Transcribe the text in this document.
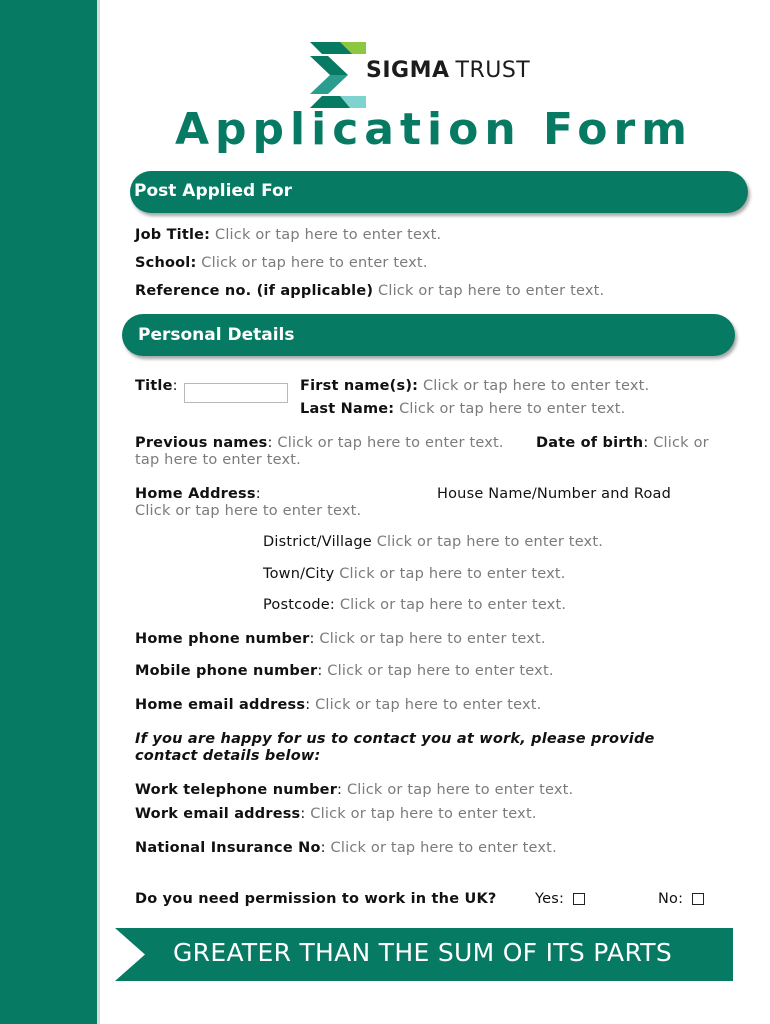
SIGMA TRUST
Application Form
Post Applied For
Job Title: Click or tap here to enter text.
School: Click or tap here to enter text.
Reference no. (if applicable) Click or tap here to enter text.
Personal Details
Title:	First name(s): Click or tap here to enter text.
Last Name: Click or tap here to enter text.
Previous names: Click or tap here to enter text. Date of birth: Click or
tap here to enter text.
Home Address:	House Name/Number and Road
Click or tap here to enter text.
District/Village Click or tap here to enter text.
Town/City Click or tap here to enter text.
Postcode: Click or tap here to enter text.
Home phone number: Click or tap here to enter text.
Mobile phone number: Click or tap here to enter text.
Home email address: Click or tap here to enter text.
If you are happy for us to contact you at work, please provide
contact details below:
Work telephone number: Click or tap here to enter text.
Work email address: Click or tap here to enter text.
National Insurance No: Click or tap here to enter text.
Do you need permission to work in the UK?	Yes:	No:
GREATER THAN THE SUM OF ITS PARTS
